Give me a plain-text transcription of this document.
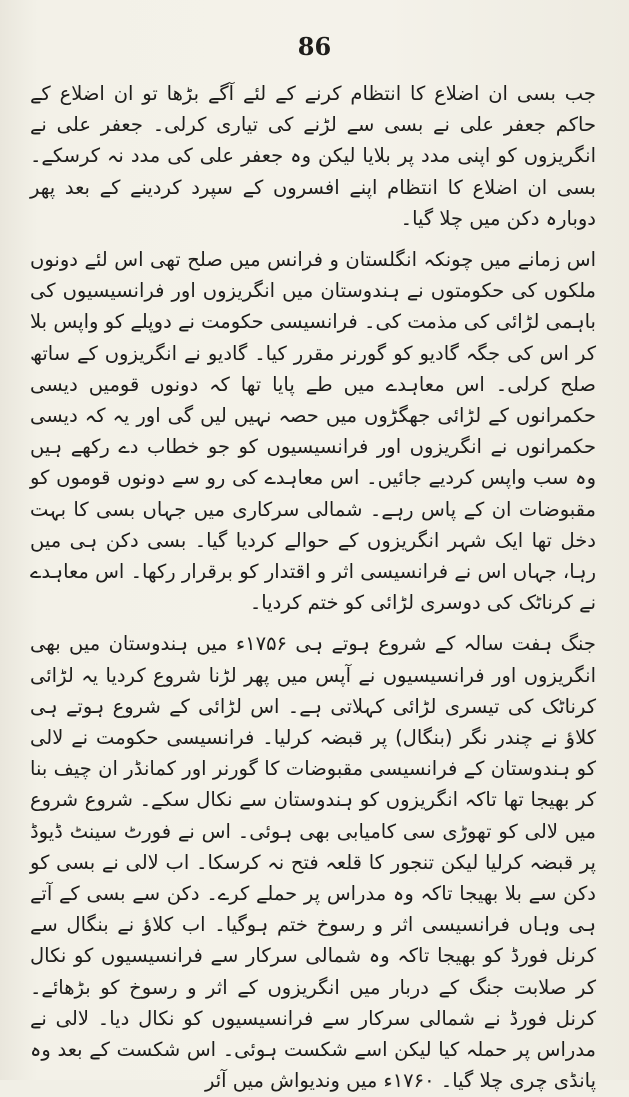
86

جب بسی ان اضلاع کا انتظام کرنے کے لئے آگے بڑھا تو ان اضلاع کے حاکم جعفر علی نے بسی سے لڑنے کی تیاری کرلی۔ جعفر علی نے انگریزوں کو اپنی مدد پر بلایا لیکن وہ جعفر علی کی مدد نہ کرسکے۔ بسی ان اضلاع کا انتظام اپنے افسروں کے سپرد کردینے کے بعد پھر دوبارہ دکن میں چلا گیا۔

اس زمانے میں چونکہ انگلستان و فرانس میں صلح تھی اس لئے دونوں ملکوں کی حکومتوں نے ہندوستان میں انگریزوں اور فرانسیسیوں کی باہمی لڑائی کی مذمت کی۔ فرانسیسی حکومت نے دوپلے کو واپس بلا کر اس کی جگہ گادیو کو گورنر مقرر کیا۔ گادیو نے انگریزوں کے ساتھ صلح کرلی۔ اس معاہدے میں طے پایا تھا کہ دونوں قومیں دیسی حکمرانوں کے لڑائی جھگڑوں میں حصہ نہیں لیں گی اور یہ کہ دیسی حکمرانوں نے انگریزوں اور فرانسیسیوں کو جو خطاب دے رکھے ہیں وہ سب واپس کردیے جائیں۔ اس معاہدے کی رو سے دونوں قوموں کو مقبوضات ان کے پاس رہے۔ شمالی سرکاری میں جہاں بسی کا بہت دخل تھا ایک شہر انگریزوں کے حوالے کردیا گیا۔ بسی دکن ہی میں رہا، جہاں اس نے فرانسیسی اثر و اقتدار کو برقرار رکھا۔ اس معاہدے نے کرناٹک کی دوسری لڑائی کو ختم کردیا۔

جنگ ہفت سالہ کے شروع ہوتے ہی ۱۷۵۶ء میں ہندوستان میں بھی انگریزوں اور فرانسیسیوں نے آپس میں پھر لڑنا شروع کردیا یہ لڑائی کرناٹک کی تیسری لڑائی کہلاتی ہے۔ اس لڑائی کے شروع ہوتے ہی کلاؤ نے چندر نگر (بنگال) پر قبضہ کرلیا۔ فرانسیسی حکومت نے لالی کو ہندوستان کے فرانسیسی مقبوضات کا گورنر اور کمانڈر ان چیف بنا کر بھیجا تھا تاکہ انگریزوں کو ہندوستان سے نکال سکے۔ شروع شروع میں لالی کو تھوڑی سی کامیابی بھی ہوئی۔ اس نے فورٹ سینٹ ڈیوڈ پر قبضہ کرلیا لیکن تنجور کا قلعہ فتح نہ کرسکا۔ اب لالی نے بسی کو دکن سے بلا بھیجا تاکہ وہ مدراس پر حملے کرے۔ دکن سے بسی کے آتے ہی وہاں فرانسیسی اثر و رسوخ ختم ہوگیا۔ اب کلاؤ نے بنگال سے کرنل فورڈ کو بھیجا تاکہ وہ شمالی سرکار سے فرانسیسیوں کو نکال کر صلابت جنگ کے دربار میں انگریزوں کے اثر و رسوخ کو بڑھائے۔ کرنل فورڈ نے شمالی سرکار سے فرانسیسیوں کو نکال دیا۔ لالی نے مدراس پر حملہ کیا لیکن اسے شکست ہوئی۔ اس شکست کے بعد وہ پانڈی چری چلا گیا۔ ۱۷۶۰ء میں وندیواش میں آئر
